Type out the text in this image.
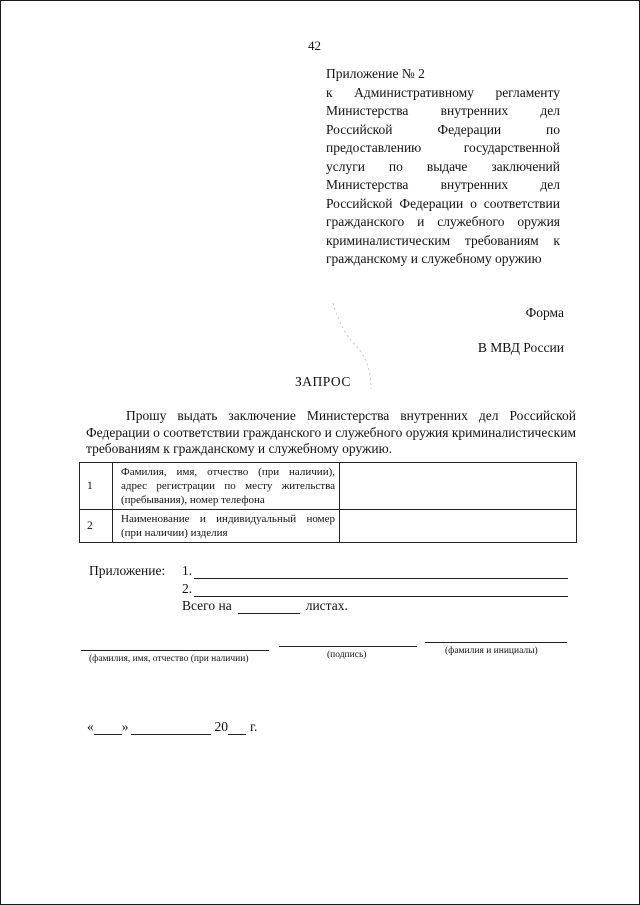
42
Приложение № 2
к Административному регламенту Министерства внутренних дел Российской Федерации по предоставлению государственной услуги по выдаче заключений Министерства внутренних дел Российской Федерации о соответствии гражданского и служебного оружия криминалистическим требованиям к гражданскому и служебному оружию
Форма
В МВД России
ЗАПРОС
Прошу выдать заключение Министерства внутренних дел Российской Федерации о соответствии гражданского и служебного оружия криминалистическим требованиям к гражданскому и служебному оружию.
1	Фамилия, имя, отчество (при наличии), адрес регистрации по месту жительства (пребывания), номер телефона	
2	Наименование и индивидуальный номер (при наличии) изделия	
Приложение: 1.
2.
Всего на	листах.
(фамилия, имя, отчество (при наличии)	(подпись)	(фамилия и инициалы)
« »	20 г.
